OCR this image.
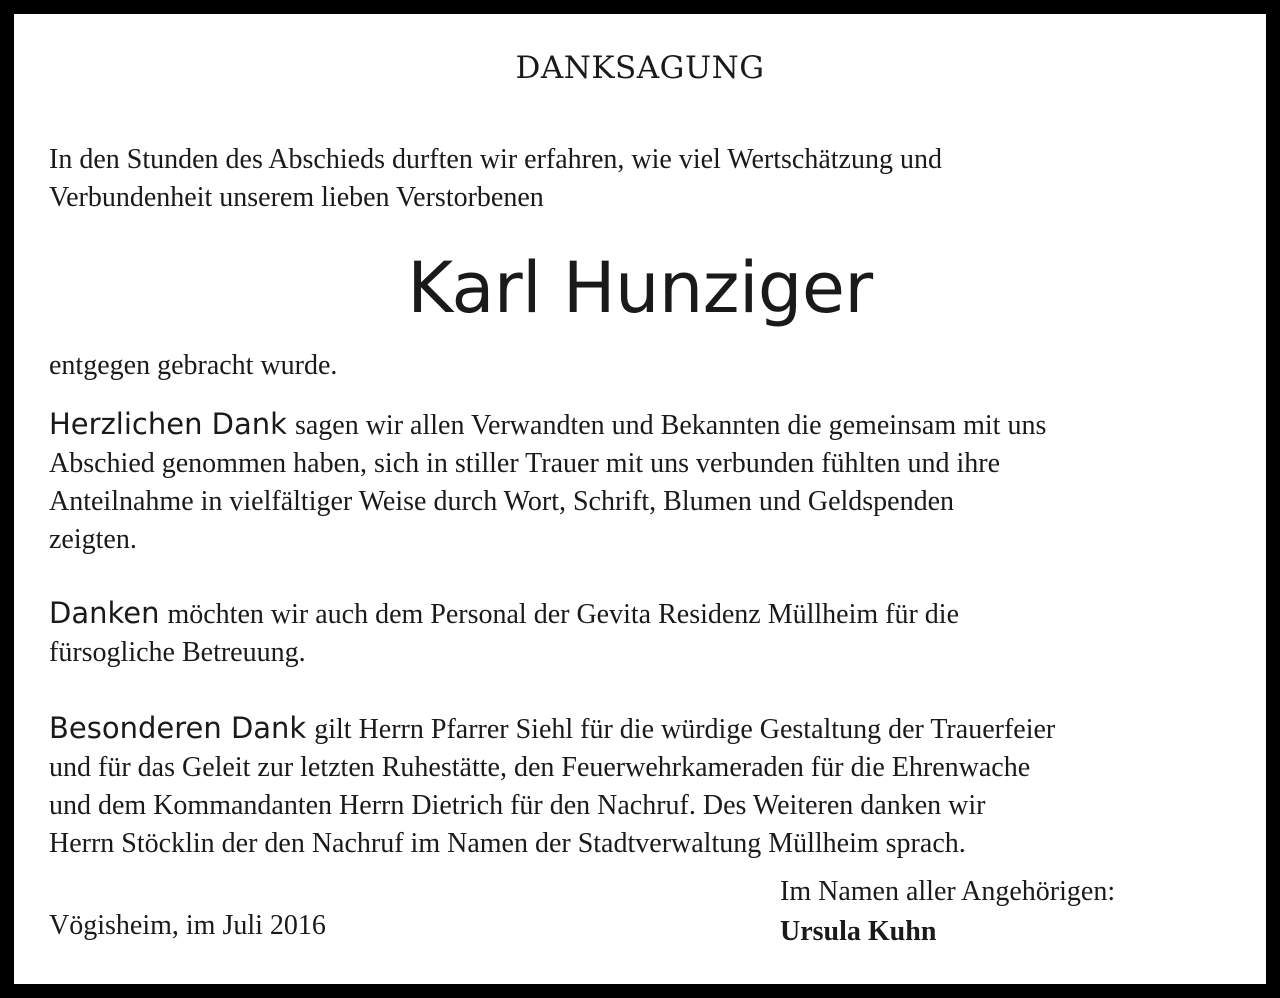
DANKSAGUNG
In den Stunden des Abschieds durften wir erfahren, wie viel Wertschätzung und
Verbundenheit unserem lieben Verstorbenen
Karl Hunziger
entgegen gebracht wurde.
Herzlichen Dank sagen wir allen Verwandten und Bekannten die gemeinsam mit uns
Abschied genommen haben, sich in stiller Trauer mit uns verbunden fühlten und ihre
Anteilnahme in vielfältiger Weise durch Wort, Schrift, Blumen und Geldspenden
zeigten.
Danken möchten wir auch dem Personal der Gevita Residenz Müllheim für die
fürsogliche Betreuung.
Besonderen Dank gilt Herrn Pfarrer Siehl für die würdige Gestaltung der Trauerfeier
und für das Geleit zur letzten Ruhestätte, den Feuerwehrkameraden für die Ehrenwache
und dem Kommandanten Herrn Dietrich für den Nachruf. Des Weiteren danken wir
Herrn Stöcklin der den Nachruf im Namen der Stadtverwaltung Müllheim sprach.
Vögisheim, im Juli 2016
Im Namen aller Angehörigen:
Ursula Kuhn
